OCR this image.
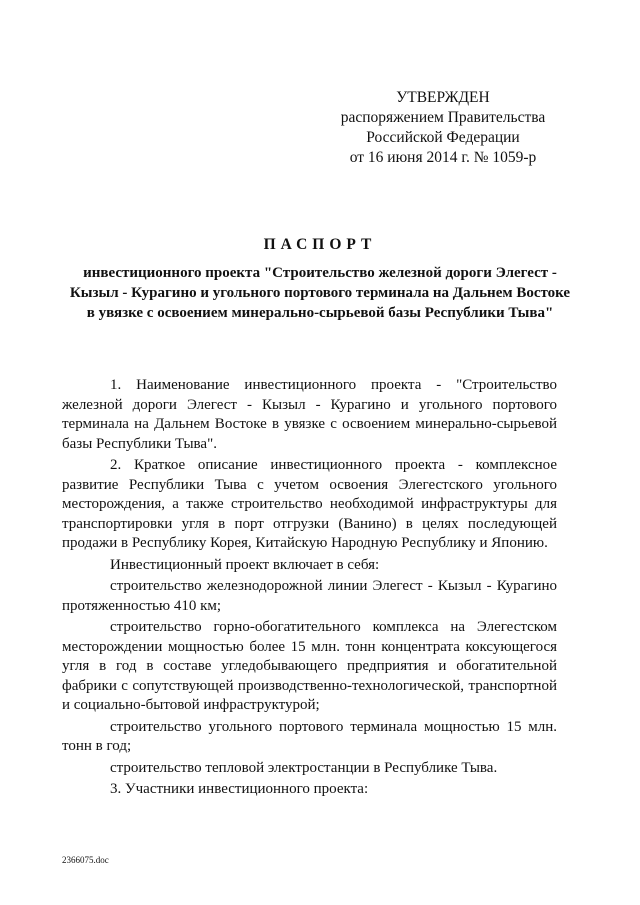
УТВЕРЖДЕН
распоряжением Правительства
Российской Федерации
от 16 июня 2014 г. № 1059-р
ПАСПОРТ
инвестиционного проекта "Строительство железной дороги Элегест - Кызыл - Курагино и угольного портового терминала на Дальнем Востоке в увязке с освоением минерально-сырьевой базы Республики Тыва"

1. Наименование инвестиционного проекта - "Строительство железной дороги Элегест - Кызыл - Курагино и угольного портового терминала на Дальнем Востоке в увязке с освоением минерально-сырьевой базы Республики Тыва".

2. Краткое описание инвестиционного проекта - комплексное развитие Республики Тыва с учетом освоения Элегестского угольного месторождения, а также строительство необходимой инфраструктуры для транспортировки угля в порт отгрузки (Ванино) в целях последующей продажи в Республику Корея, Китайскую Народную Республику и Японию.

Инвестиционный проект включает в себя:

строительство железнодорожной линии Элегест - Кызыл - Курагино протяженностью 410 км;

строительство горно-обогатительного комплекса на Элегестском месторождении мощностью более 15 млн. тонн концентрата коксующегося угля в год в составе угледобывающего предприятия и обогатительной фабрики с сопутствующей производственно-технологической, транспортной и социально-бытовой инфраструктурой;

строительство угольного портового терминала мощностью 15 млн. тонн в год;

строительство тепловой электростанции в Республике Тыва.

3. Участники инвестиционного проекта:

2366075.doc
